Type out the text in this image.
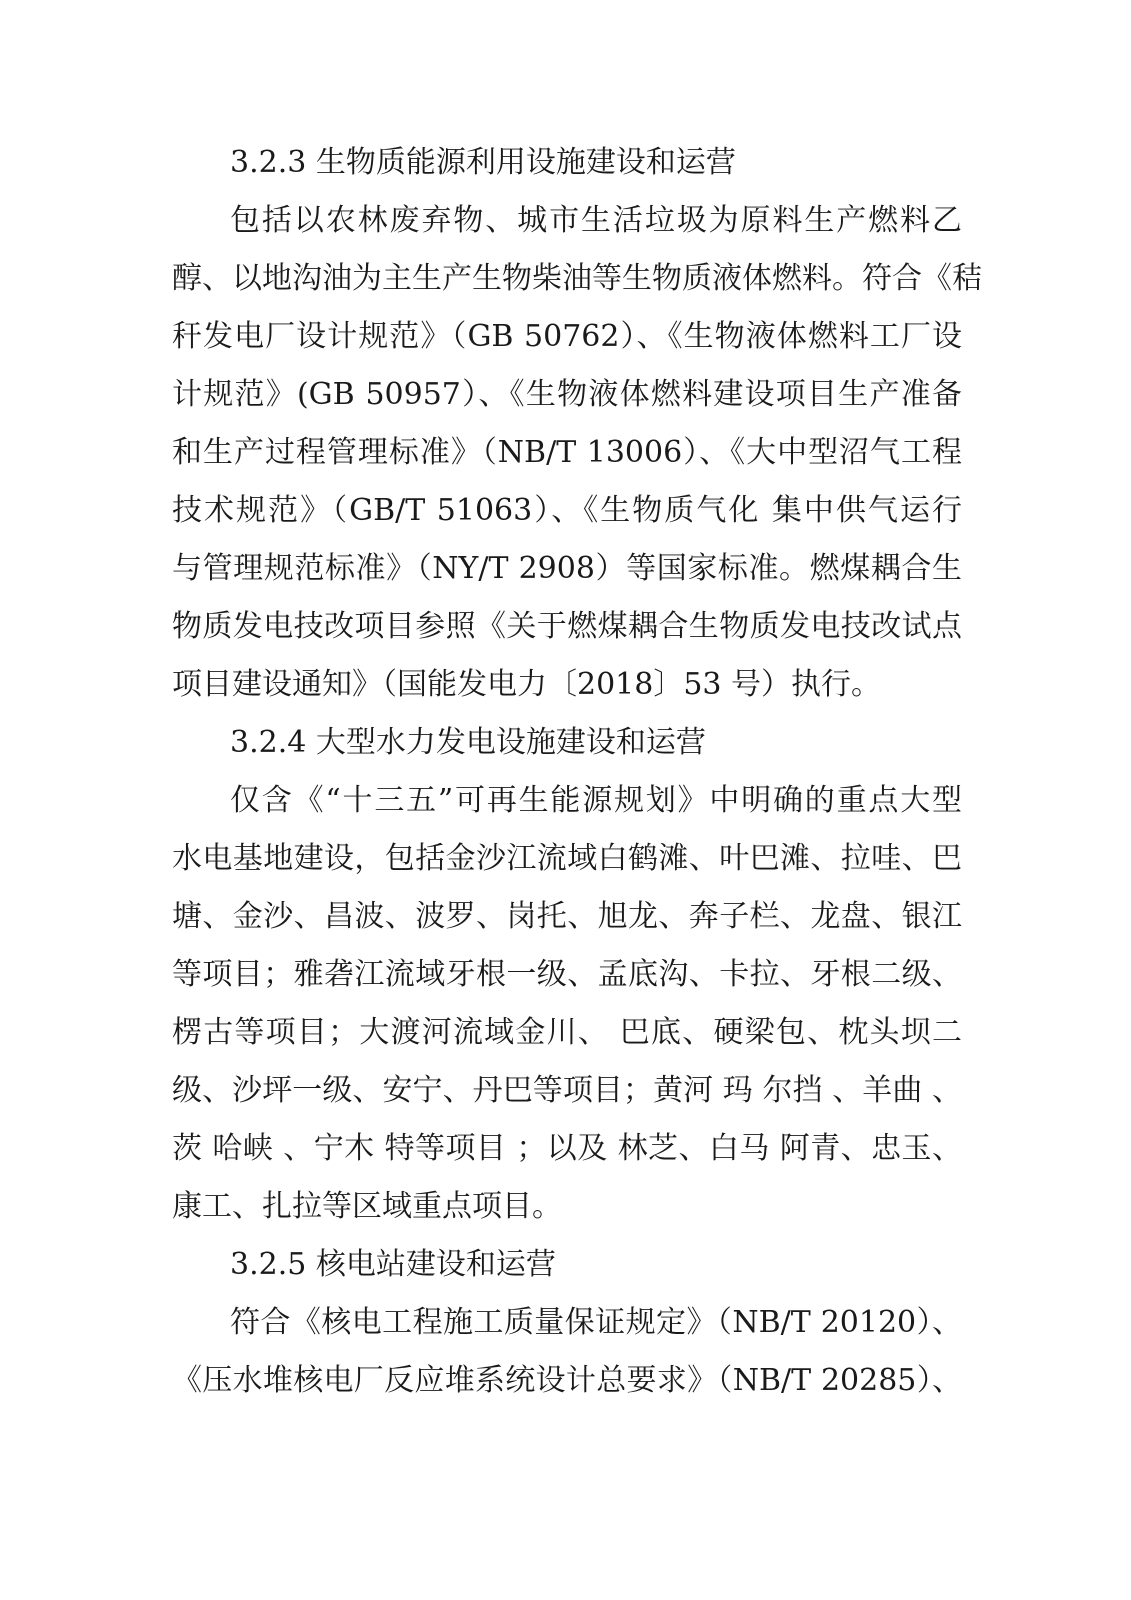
3.2.3 生物质能源利用设施建设和运营
包括以农林废弃物、城市生活垃圾为原料生产燃料乙
醇、以地沟油为主生产生物柴油等生物质液体燃料。符合《秸
秆发电厂设计规范》（GB 50762）、《生物液体燃料工厂设
计规范》(GB 50957）、《生物液体燃料建设项目生产准备
和生产过程管理标准》（NB/T 13006）、《大中型沼气工程
技术规范》（GB/T 51063）、《生物质气化 集中供气运行
与管理规范标准》（NY/T 2908）等国家标准。燃煤耦合生
物质发电技改项目参照《关于燃煤耦合生物质发电技改试点
项目建设通知》（国能发电力〔2018〕53 号）执行。
3.2.4 大型水力发电设施建设和运营
仅含《“十三五”可再生能源规划》中明确的重点大型
水电基地建设，包括金沙江流域白鹤滩、叶巴滩、拉哇、巴
塘、金沙、昌波、波罗、岗托、旭龙、奔子栏、龙盘、银江
等项目；雅砻江流域牙根一级、孟底沟、卡拉、牙根二级、
楞古等项目；大渡河流域金川、 巴底、硬梁包、枕头坝二
级、沙坪一级、安宁、丹巴等项目；黄河 玛 尔挡 、羊曲 、
茨 哈峡 、宁木 特等项目 ；以及 林芝、白马 阿青、忠玉、
康工、扎拉等区域重点项目。
3.2.5 核电站建设和运营
符合《核电工程施工质量保证规定》（NB/T 20120）、
《压水堆核电厂反应堆系统设计总要求》（NB/T 20285）、
